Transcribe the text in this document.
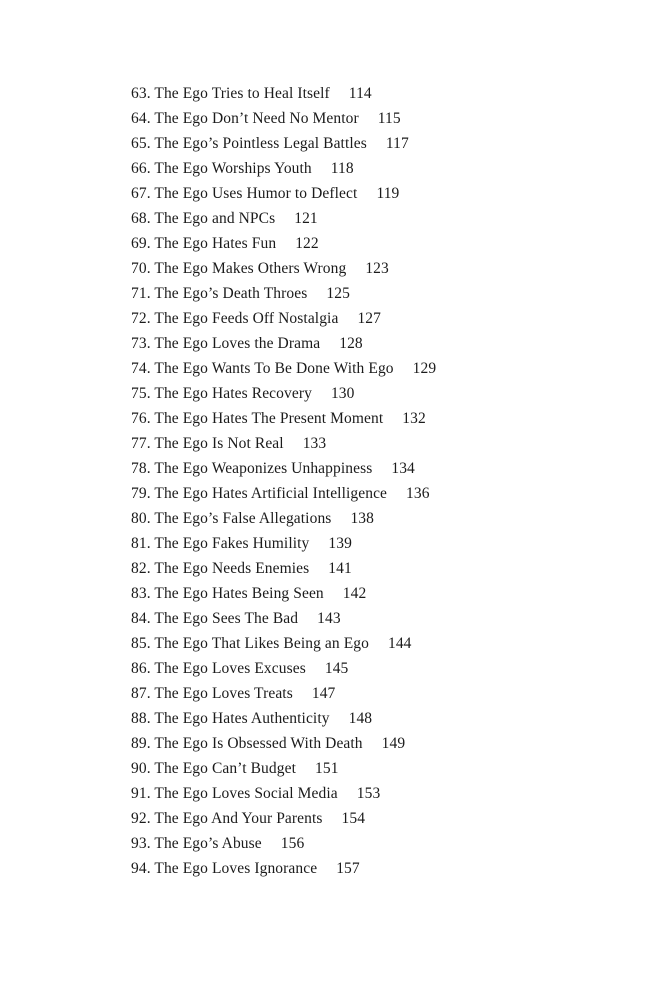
63. The Ego Tries to Heal Itself 114
64. The Ego Don’t Need No Mentor 115
65. The Ego’s Pointless Legal Battles 117
66. The Ego Worships Youth 118
67. The Ego Uses Humor to Deflect 119
68. The Ego and NPCs 121
69. The Ego Hates Fun 122
70. The Ego Makes Others Wrong 123
71. The Ego’s Death Throes 125
72. The Ego Feeds Off Nostalgia 127
73. The Ego Loves the Drama 128
74. The Ego Wants To Be Done With Ego 129
75. The Ego Hates Recovery 130
76. The Ego Hates The Present Moment 132
77. The Ego Is Not Real 133
78. The Ego Weaponizes Unhappiness 134
79. The Ego Hates Artificial Intelligence 136
80. The Ego’s False Allegations 138
81. The Ego Fakes Humility 139
82. The Ego Needs Enemies 141
83. The Ego Hates Being Seen 142
84. The Ego Sees The Bad 143
85. The Ego That Likes Being an Ego 144
86. The Ego Loves Excuses 145
87. The Ego Loves Treats 147
88. The Ego Hates Authenticity 148
89. The Ego Is Obsessed With Death 149
90. The Ego Can’t Budget 151
91. The Ego Loves Social Media 153
92. The Ego And Your Parents 154
93. The Ego’s Abuse 156
94. The Ego Loves Ignorance 157
